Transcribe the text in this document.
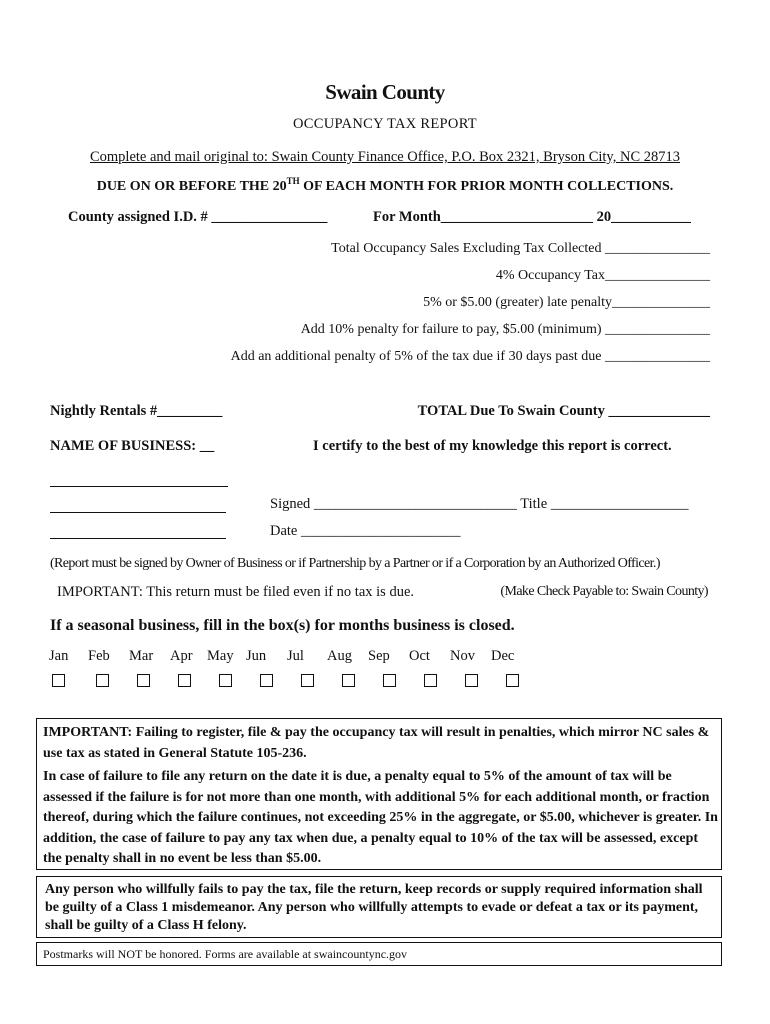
Swain County
OCCUPANCY TAX REPORT
Complete and mail original to: Swain County Finance Office, P.O. Box 2321, Bryson City, NC 28713
DUE ON OR BEFORE THE 20TH OF EACH MONTH FOR PRIOR MONTH COLLECTIONS.
County assigned I.D. # ________________	For Month_____________________ 20___________
Total Occupancy Sales Excluding Tax Collected _______________
4% Occupancy Tax_______________
5% or $5.00 (greater) late penalty______________
Add 10% penalty for failure to pay, $5.00 (minimum) _______________
Add an additional penalty of 5% of the tax due if 30 days past due _______________
Nightly Rentals #_________	TOTAL Due To Swain County ______________
NAME OF BUSINESS: __	I certify to the best of my knowledge this report is correct.
Signed ____________________________ Title ___________________
Date ______________________
(Report must be signed by Owner of Business or if Partnership by a Partner or if a Corporation by an Authorized Officer.)
IMPORTANT: This return must be filed even if no tax is due.	(Make Check Payable to: Swain County)
If a seasonal business, fill in the box(s) for months business is closed.
Jan Feb Mar Apr May Jun Jul Aug Sep Oct Nov Dec

IMPORTANT: Failing to register, file & pay the occupancy tax will result in penalties, which mirror NC sales & use tax as stated in General Statute 105-236.

In case of failure to file any return on the date it is due, a penalty equal to 5% of the amount of tax will be assessed if the failure is for not more than one month, with additional 5% for each additional month, or fraction thereof, during which the failure continues, not exceeding 25% in the aggregate, or $5.00, whichever is greater. In addition, the case of failure to pay any tax when due, a penalty equal to 10% of the tax will be assessed, except the penalty shall in no event be less than $5.00.

Any person who willfully fails to pay the tax, file the return, keep records or supply required information shall be guilty of a Class 1 misdemeanor. Any person who willfully attempts to evade or defeat a tax or its payment, shall be guilty of a Class H felony.

Postmarks will NOT be honored. Forms are available at swaincountync.gov
